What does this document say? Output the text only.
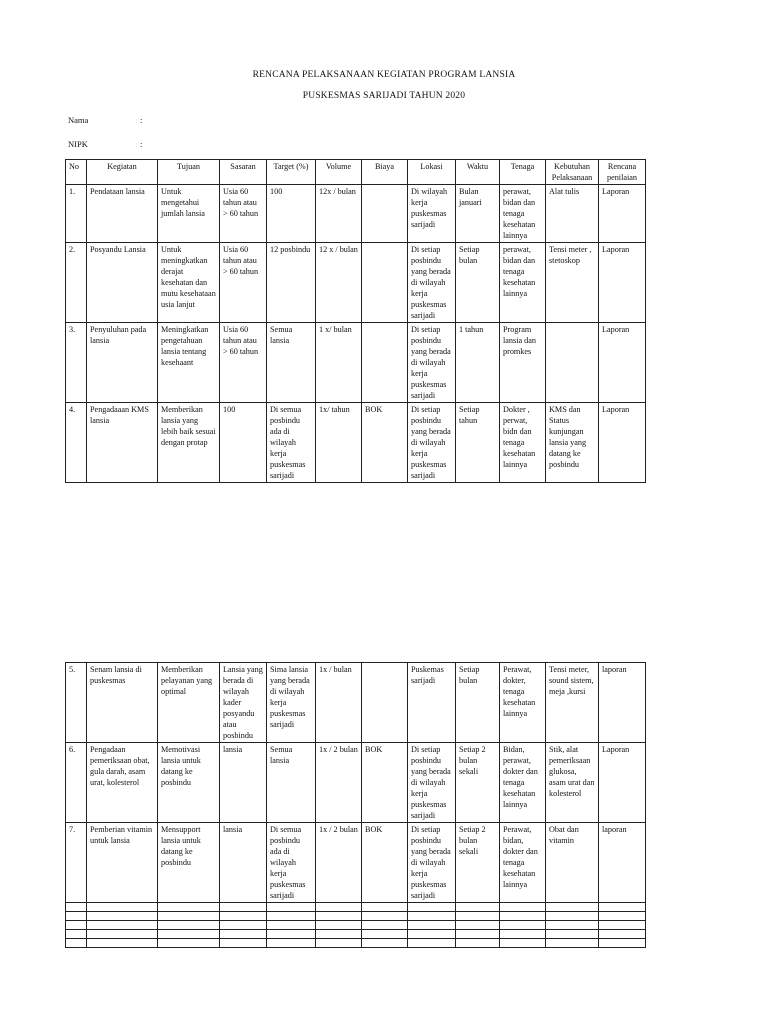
RENCANA PELAKSANAAN KEGIATAN PROGRAM LANSIA
PUSKESMAS SARIJADI TAHUN 2020
Nama	:
NIPK	:
No	Kegiatan	Tujuan	Sasaran	Target (%)	Volume	Biaya	Lokasi	Waktu	Tenaga	Kebutuhan Pelaksanaan	Rencana penilaian
1.	Pendataan lansia	Untuk mengetahui jumlah lansia	Usia 60 tahun atau > 60 tahun	100	12x / bulan		Di wilayah kerja puskesmas sarijadi	Bulan januari	perawat, bidan dan tenaga kesehatan lainnya	Alat tulis	Laporan
2.	Posyandu Lansia	Untuk meningkatkan derajat kesehatan dan mutu kesehataan usia lanjut	Usia 60 tahun atau > 60 tahun	12 posbindu	12 x / bulan		Di setiap posbindu yang berada di wilayah kerja puskesmas sarijadi	Setiap bulan	perawat, bidan dan tenaga kesehatan lainnya	Tensi meter , stetoskop	Laporan
3.	Penyuluhan pada lansia	Meningkatkan pengetahuan lansia tentang kesehaant	Usia 60 tahun atau > 60 tahun	Semua lansia	1 x/ bulan		Di setiap posbindu yang berada di wilayah kerja puskesmas sarijadi	1 tahun	Program lansia dan promkes		Laporan
4.	Pengadaaan KMS lansia	Memberikan lansia yang lebih baik sesuai dengan protap	100	Di semua posbindu ada di wilayah kerja puskesmas sarijadi	1x/ tahun	BOK	Di setiap posbindu yang berada di wilayah kerja puskesmas sarijadi	Setiap tahun	Dokter , perwat, bidn dan tenaga kesehatan lainnya	KMS dan Status kunjungan lansia yang datang ke posbindu	Laporan
5.	Senam lansia di puskesmas	Memberikan pelayanan yang optimal	Lansia yang berada di wilayah kader posyandu atau posbindu	Sima lansia yang berada di wilayah kerja puskesmas sarijadi	1x / bulan		Puskemas sarijadi	Setiap bulan	Perawat, dokter, tenaga kesehatan lainnya	Tensi meter, sound sistem, meja ,kursi	laporan
6.	Pengadaan pemeriksaan obat, gula darah, asam urat, kolesterol	Memotivasi lansia untuk datang ke posbindu	lansia	Semua lansia	1x / 2 bulan	BOK	Di setiap posbindu yang berada di wilayah kerja puskesmas sarijadi	Setiap 2 bulan sekali	Bidan, perawat, dokter dan tenaga kesehatan lainnya	Stik, alat pemeriksaan glukosa, asam urat dan kolesterol	Laporan
7.	Pemberian vitamin untuk lansia	Mensupport lansia untuk datang ke posbindu	lansia	Di semua posbindu ada di wilayah kerja puskesmas sarijadi	1x / 2 bulan	BOK	Di setiap posbindu yang berada di wilayah kerja puskesmas sarijadi	Setiap 2 bulan sekali	Perawat, bidan, dokter dan tenaga kesehatan lainnya	Obat dan vitamin	laporan
